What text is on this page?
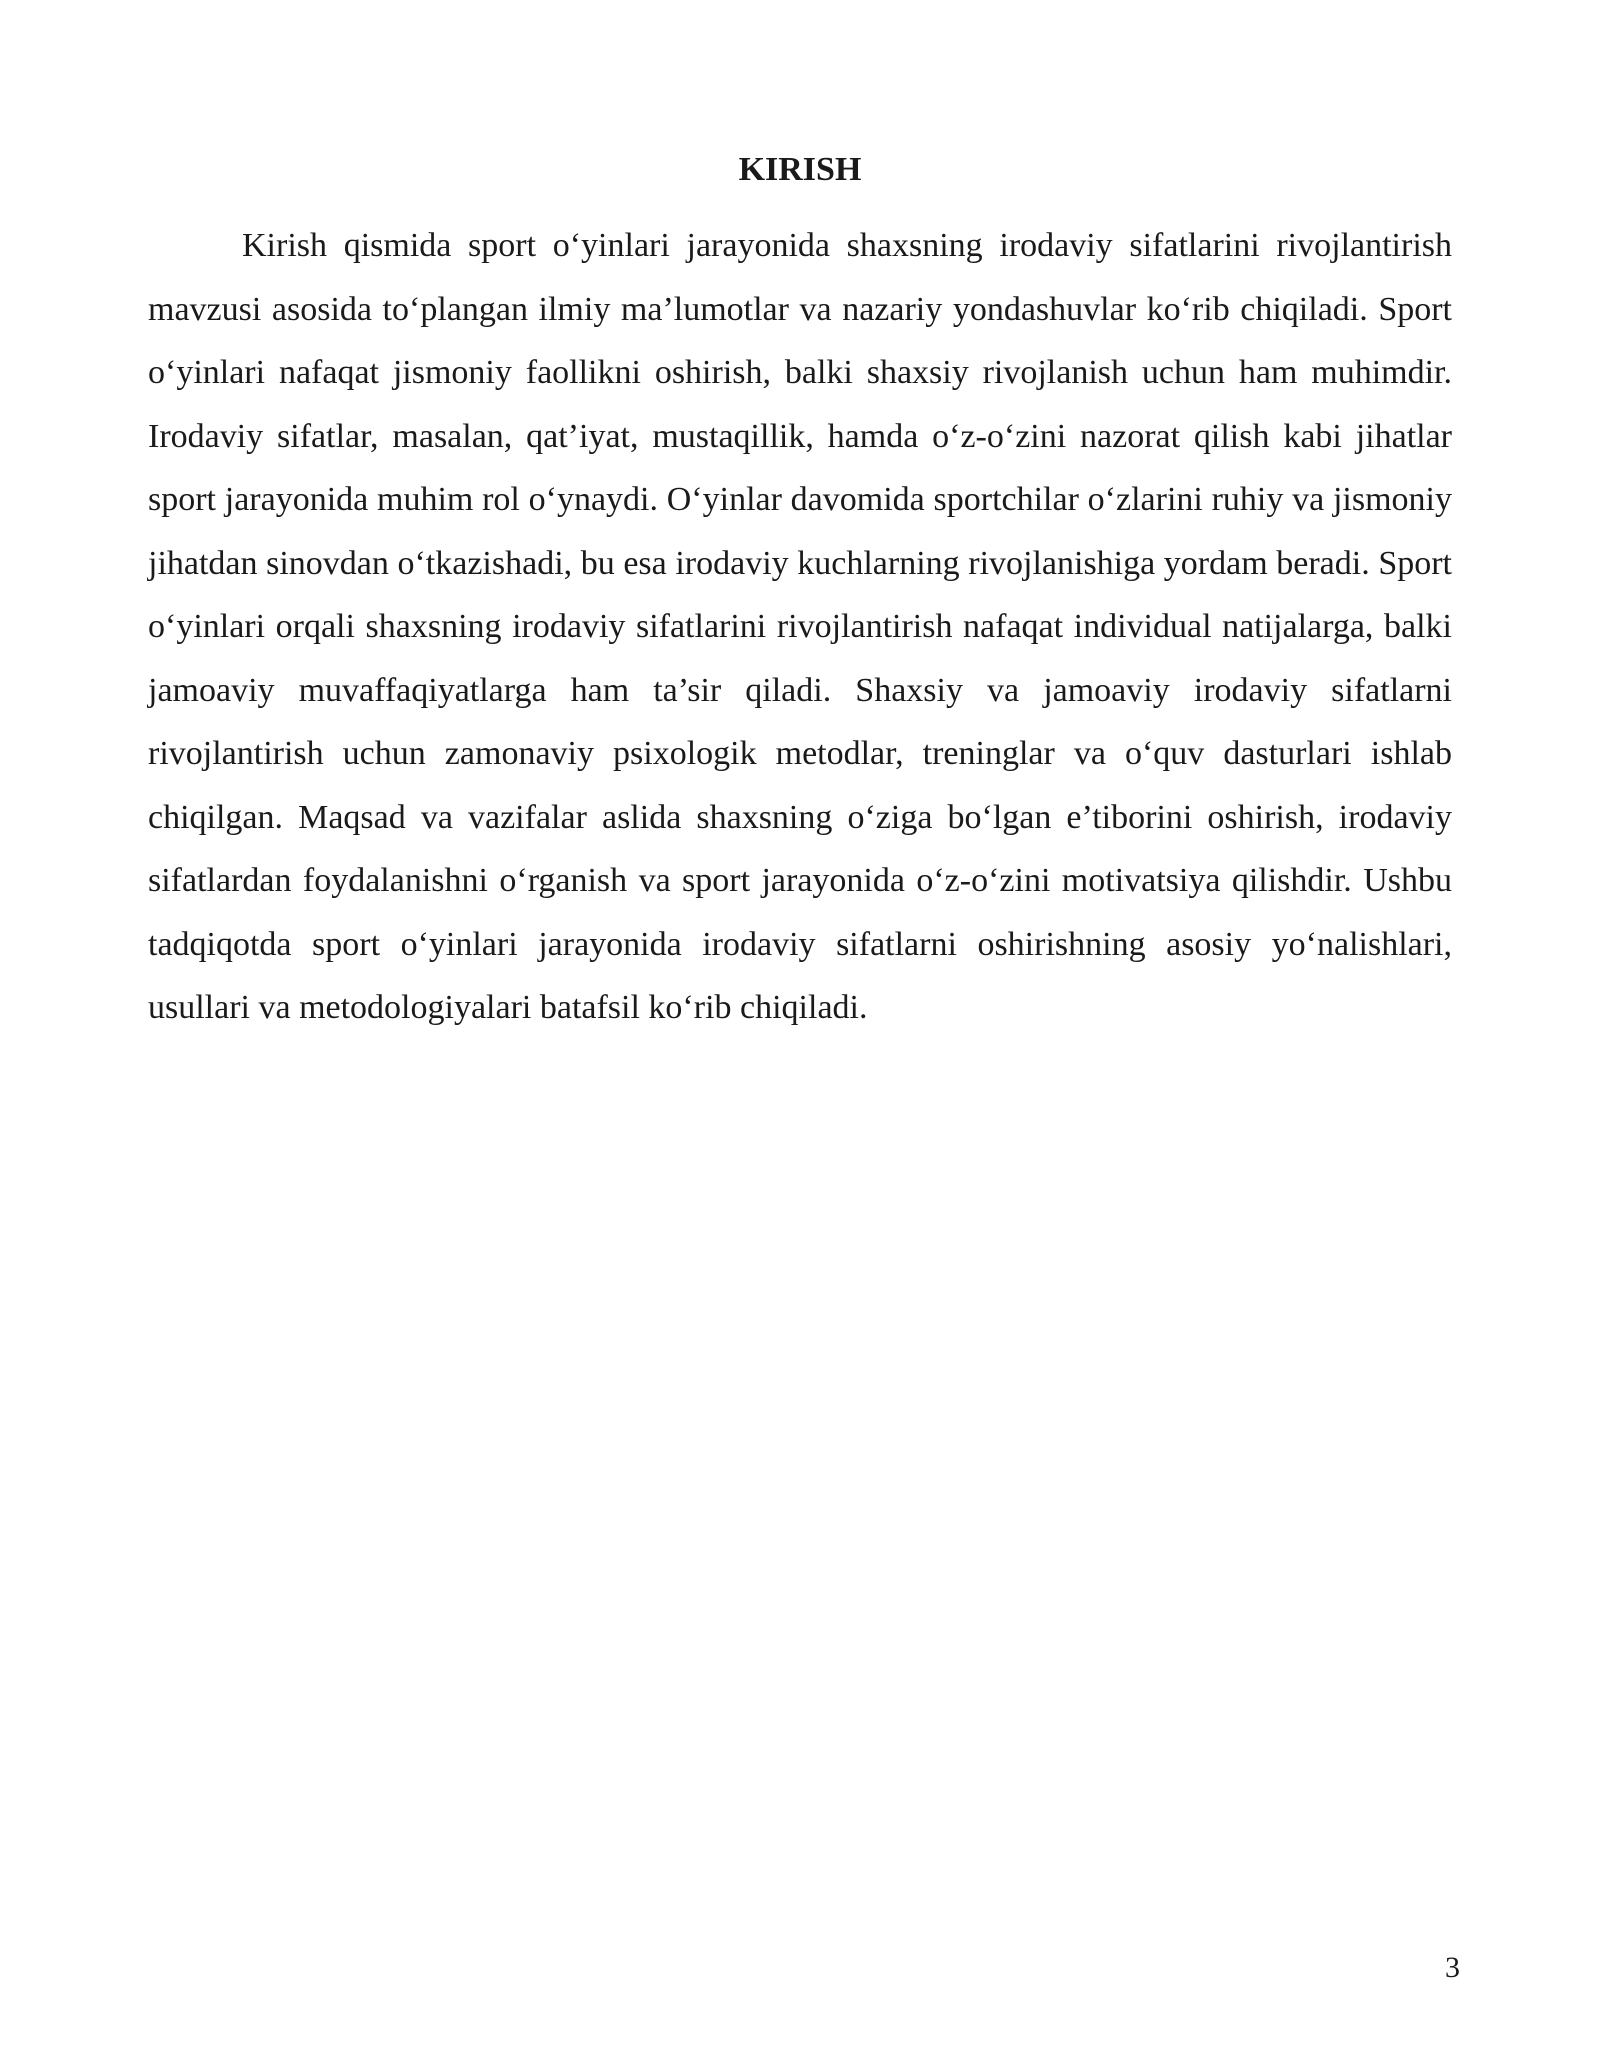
KIRISH

Kirish qismida sport o‘yinlari jarayonida shaxsning irodaviy sifatlarini rivojlantirish mavzusi asosida to‘plangan ilmiy ma’lumotlar va nazariy yondashuvlar ko‘rib chiqiladi. Sport o‘yinlari nafaqat jismoniy faollikni oshirish, balki shaxsiy rivojlanish uchun ham muhimdir. Irodaviy sifatlar, masalan, qat’iyat, mustaqillik, hamda o‘z-o‘zini nazorat qilish kabi jihatlar sport jarayonida muhim rol o‘ynaydi. O‘yinlar davomida sportchilar o‘zlarini ruhiy va jismoniy jihatdan sinovdan o‘tkazishadi, bu esa irodaviy kuchlarning rivojlanishiga yordam beradi. Sport o‘yinlari orqali shaxsning irodaviy sifatlarini rivojlantirish nafaqat individual natijalarga, balki jamoaviy muvaffaqiyatlarga ham ta’sir qiladi. Shaxsiy va jamoaviy irodaviy sifatlarni rivojlantirish uchun zamonaviy psixologik metodlar, treninglar va o‘quv dasturlari ishlab chiqilgan. Maqsad va vazifalar aslida shaxsning o‘ziga bo‘lgan e’tiborini oshirish, irodaviy sifatlardan foydalanishni o‘rganish va sport jarayonida o‘z-o‘zini motivatsiya qilishdir. Ushbu tadqiqotda sport o‘yinlari jarayonida irodaviy sifatlarni oshirishning asosiy yo‘nalishlari, usullari va metodologiyalari batafsil ko‘rib chiqiladi.

3
